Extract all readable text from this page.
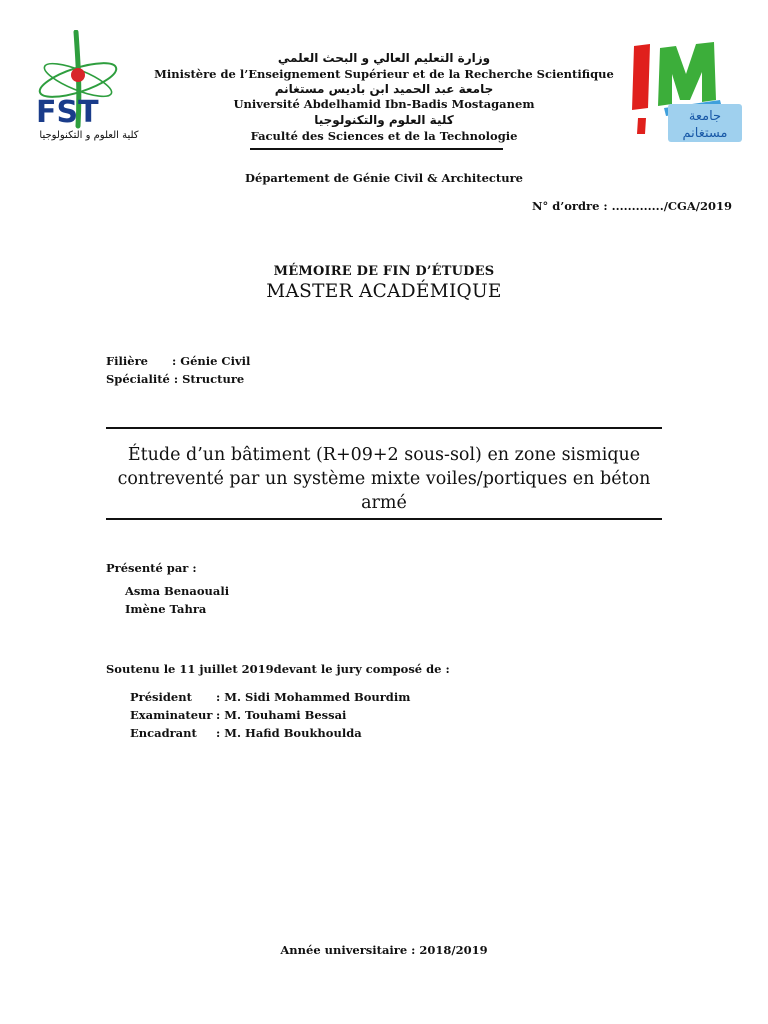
FST
كلية العلوم و التكنولوجيا
جامعة
مستغانم
وزارة التعليم العالي و البحث العلمي
Ministère de l’Enseignement Supérieur et de la Recherche Scientifique
جامعة عبد الحميد ابن باديس مستغانم
Université Abdelhamid Ibn-Badis Mostaganem
كلية العلوم والتكنولوجيا
Faculté des Sciences et de la Technologie
Département de Génie Civil & Architecture
N° d’ordre : ............./CGA/2019
MÉMOIRE DE FIN D’ÉTUDES
MASTER ACADÉMIQUE
Filière : Génie Civil
Spécialité : Structure
Étude d’un bâtiment (R+09+2 sous-sol) en zone sismique contreventé par un système mixte voiles/portiques en béton armé
Présenté par :
Asma Benaouali
Imène Tahra
Soutenu le 11 juillet 2019devant le jury composé de :
Président : M. Sidi Mohammed Bourdim
Examinateur : M. Touhami Bessai
Encadrant : M. Hafid Boukhoulda
Année universitaire : 2018/2019
